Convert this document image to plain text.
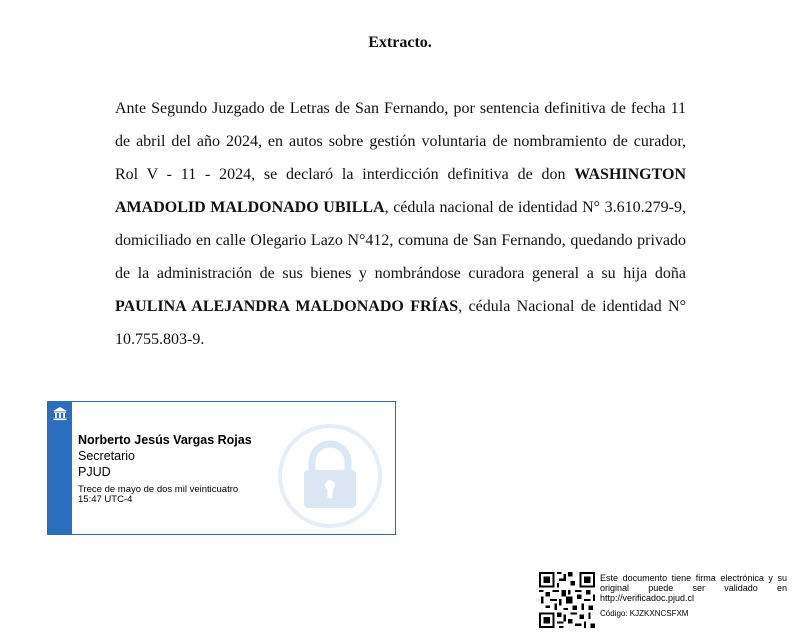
Extracto.
Ante Segundo Juzgado de Letras de San Fernando, por sentencia definitiva de fecha 11 de abril del año 2024, en autos sobre gestión voluntaria de nombramiento de curador, Rol V - 11 - 2024, se declaró la interdicción definitiva de don WASHINGTON AMADOLID MALDONADO UBILLA, cédula nacional de identidad N° 3.610.279-9, domiciliado en calle Olegario Lazo N°412, comuna de San Fernando, quedando privado de la administración de sus bienes y nombrándose curadora general a su hija doña PAULINA ALEJANDRA MALDONADO FRÍAS, cédula Nacional de identidad N° 10.755.803-9.
Norberto Jesús Vargas Rojas
Secretario
PJUD
Trece de mayo de dos mil veinticuatro
15:47 UTC-4
Este documento tiene firma electrónica y su original puede ser validado en http://verificadoc.pjud.cl
Código: KJZKXNCSFXM
